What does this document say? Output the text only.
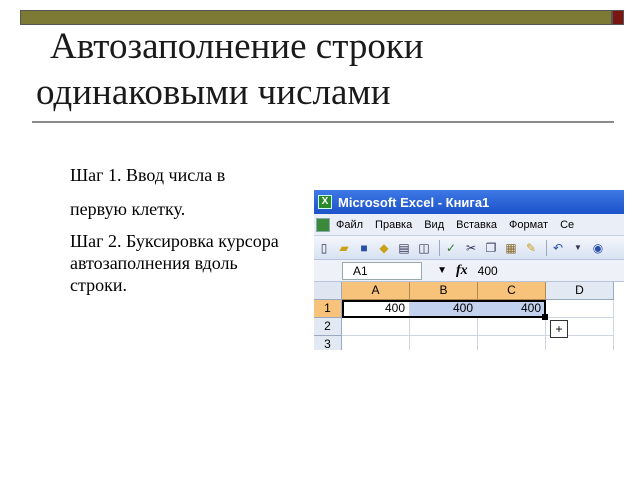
Автозаполнение строки
одинаковыми числами

Шаг 1. Ввод числа в

первую клетку.

Шаг 2. Буксировка курсора автозаполнения вдоль строки.

X Microsoft Excel - Книга1
Файл Правка Вид Вставка Формат Се
▯	▰ ■ ◆ ▤ ◫ ✓ ✂ ❐ ▦ ✎ ↶	▼ ◉
A1	▼ fx 400
A	B	C	D
1	400	400	400
2
3
+
